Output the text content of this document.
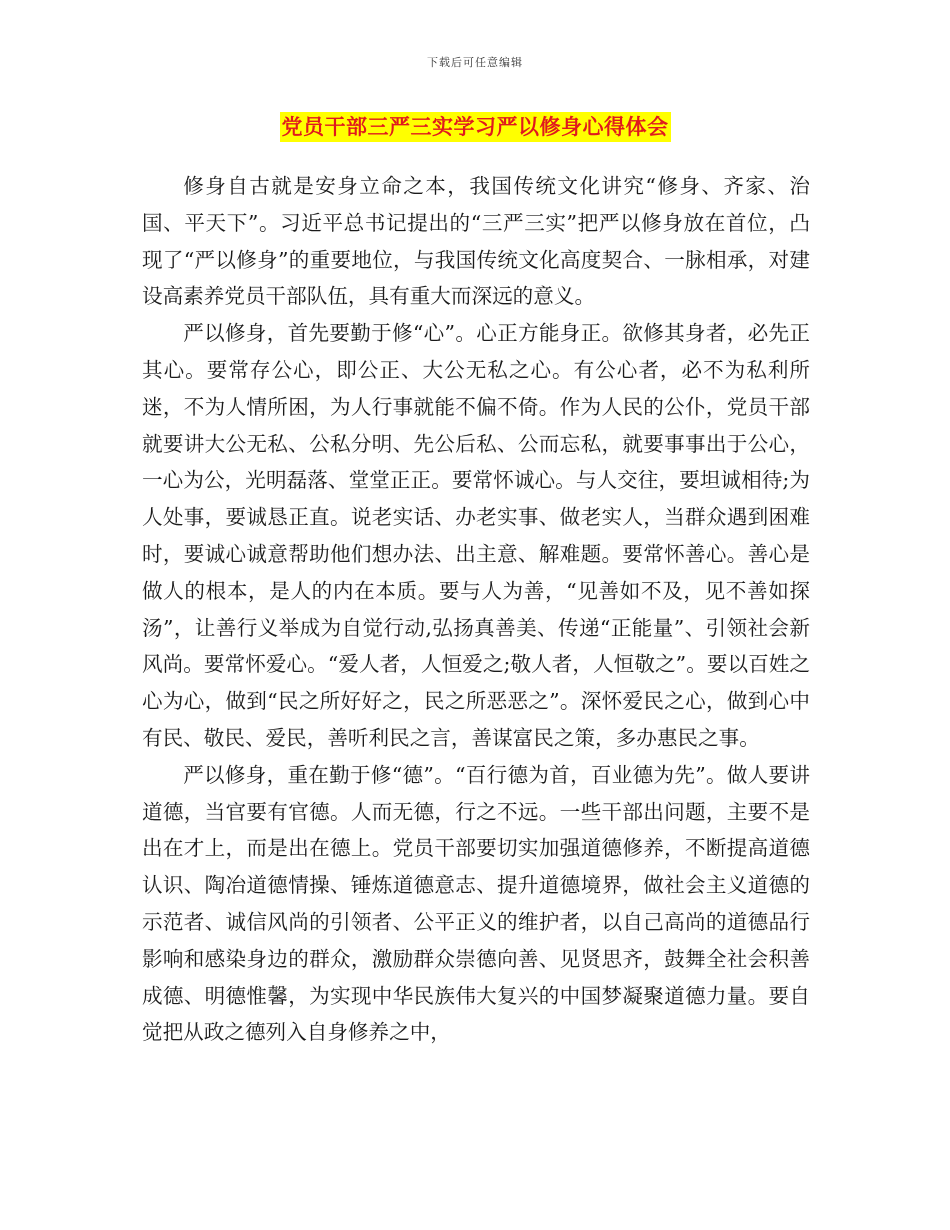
下载后可任意编辑
党员干部三严三实学习严以修身心得体会

修身自古就是安身立命之本，我国传统文化讲究“修身、齐家、治国、平天下”。习近平总书记提出的“三严三实”把严以修身放在首位，凸现了“严以修身”的重要地位，与我国传统文化高度契合、一脉相承，对建设高素养党员干部队伍，具有重大而深远的意义。

严以修身，首先要勤于修“心”。心正方能身正。欲修其身者，必先正其心。要常存公心，即公正、大公无私之心。有公心者，必不为私利所迷，不为人情所困，为人行事就能不偏不倚。作为人民的公仆，党员干部就要讲大公无私、公私分明、先公后私、公而忘私，就要事事出于公心，一心为公，光明磊落、堂堂正正。要常怀诚心。与人交往，要坦诚相待;为人处事，要诚恳正直。说老实话、办老实事、做老实人，当群众遇到困难时，要诚心诚意帮助他们想办法、出主意、解难题。要常怀善心。善心是做人的根本，是人的内在本质。要与人为善，“见善如不及，见不善如探汤”，让善行义举成为自觉行动,弘扬真善美、传递“正能量”、引领社会新风尚。要常怀爱心。“爱人者，人恒爱之;敬人者，人恒敬之”。要以百姓之心为心，做到“民之所好好之，民之所恶恶之”。深怀爱民之心，做到心中有民、敬民、爱民，善听利民之言，善谋富民之策，多办惠民之事。

严以修身，重在勤于修“德”。“百行德为首，百业德为先”。做人要讲道德，当官要有官德。人而无德，行之不远。一些干部出问题，主要不是出在才上，而是出在德上。党员干部要切实加强道德修养，不断提高道德认识、陶冶道德情操、锤炼道德意志、提升道德境界，做社会主义道德的示范者、诚信风尚的引领者、公平正义的维护者，以自己高尚的道德品行影响和感染身边的群众，激励群众崇德向善、见贤思齐，鼓舞全社会积善成德、明德惟馨，为实现中华民族伟大复兴的中国梦凝聚道德力量。要自觉把从政之德列入自身修养之中，
